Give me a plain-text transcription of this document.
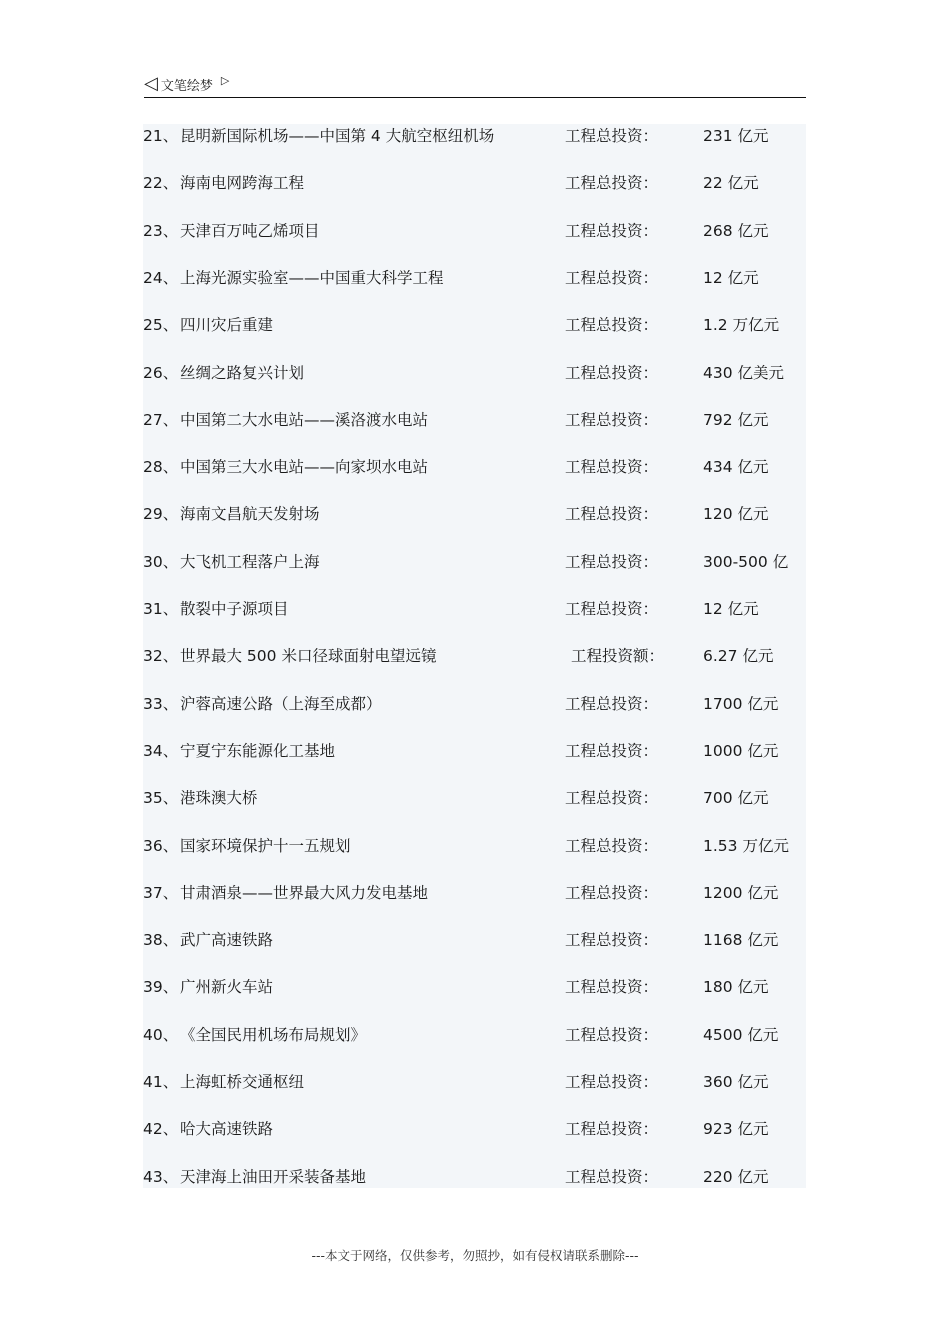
◁ 文笔绘梦 ▷
21、 昆明新国际机场——中国第 4 大航空枢纽机场	工程总投资：	231 亿元
22、 海南电网跨海工程	工程总投资：	22 亿元
23、 天津百万吨乙烯项目	工程总投资：	268 亿元
24、 上海光源实验室——中国重大科学工程	工程总投资：	12 亿元
25、 四川灾后重建	工程总投资：	1.2 万亿元
26、 丝绸之路复兴计划	工程总投资：	430 亿美元
27、 中国第二大水电站——溪洛渡水电站	工程总投资：	792 亿元
28、 中国第三大水电站——向家坝水电站	工程总投资：	434 亿元
29、 海南文昌航天发射场	工程总投资：	120 亿元
30、 大飞机工程落户上海	工程总投资：	300-500 亿
31、 散裂中子源项目	工程总投资：	12 亿元
32、 世界最大 500 米口径球面射电望远镜	工程投资额：	6.27 亿元
33、 沪蓉高速公路（上海至成都）	工程总投资：	1700 亿元
34、 宁夏宁东能源化工基地	工程总投资：	1000 亿元
35、 港珠澳大桥	工程总投资：	700 亿元
36、 国家环境保护十一五规划	工程总投资：	1.53 万亿元
37、 甘肃酒泉——世界最大风力发电基地	工程总投资：	1200 亿元
38、 武广高速铁路	工程总投资：	1168 亿元
39、 广州新火车站	工程总投资：	180 亿元
40、 《全国民用机场布局规划》	工程总投资：	4500 亿元
41、 上海虹桥交通枢纽	工程总投资：	360 亿元
42、 哈大高速铁路	工程总投资：	923 亿元
43、 天津海上油田开采装备基地	工程总投资：	220 亿元
---本文于网络，仅供参考，勿照抄，如有侵权请联系删除---
